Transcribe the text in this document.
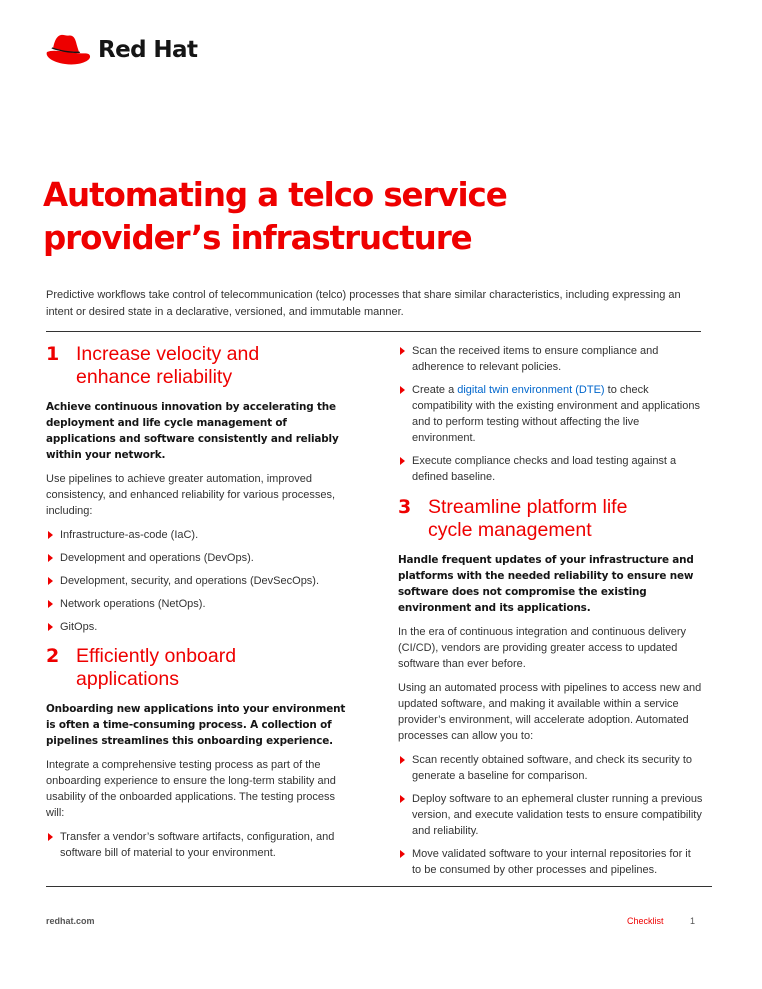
Red Hat
Automating a telco service
provider’s infrastructure

Predictive workflows take control of telecommunication (telco) processes that share similar characteristics, including expressing an intent or desired state in a declarative, versioned, and immutable manner.

1 Increase velocity and
enhance reliability

Achieve continuous innovation by accelerating the deployment and life cycle management of applications and software consistently and reliably within your network.

Use pipelines to achieve greater automation, improved consistency, and enhanced reliability for various processes, including:

Infrastructure-as-code (IaC).
Development and operations (DevOps).
Development, security, and operations (DevSecOps).
Network operations (NetOps).
GitOps.
2 Efficiently onboard
applications

Onboarding new applications into your environment is often a time-consuming process. A collection of pipelines streamlines this onboarding experience.

Integrate a comprehensive testing process as part of the onboarding experience to ensure the long-term stability and usability of the onboarded applications. The testing process will:

Transfer a vendor’s software artifacts, configuration, and software bill of material to your environment.
Scan the received items to ensure compliance and adherence to relevant policies.
Create a digital twin environment (DTE) to check compatibility with the existing environment and applications and to perform testing without affecting the live environment.
Execute compliance checks and load testing against a defined baseline.
3 Streamline platform life
cycle management

Handle frequent updates of your infrastructure and platforms with the needed reliability to ensure new software does not compromise the existing environment and its applications.

In the era of continuous integration and continuous delivery (CI/CD), vendors are providing greater access to updated software than ever before.

Using an automated process with pipelines to access new and updated software, and making it available within a service provider’s environment, will accelerate adoption. Automated processes can allow you to:

Scan recently obtained software, and check its security to generate a baseline for comparison.
Deploy software to an ephemeral cluster running a previous version, and execute validation tests to ensure compatibility and reliability.
Move validated software to your internal repositories for it to be consumed by other processes and pipelines.
redhat.com	Checklist	1
